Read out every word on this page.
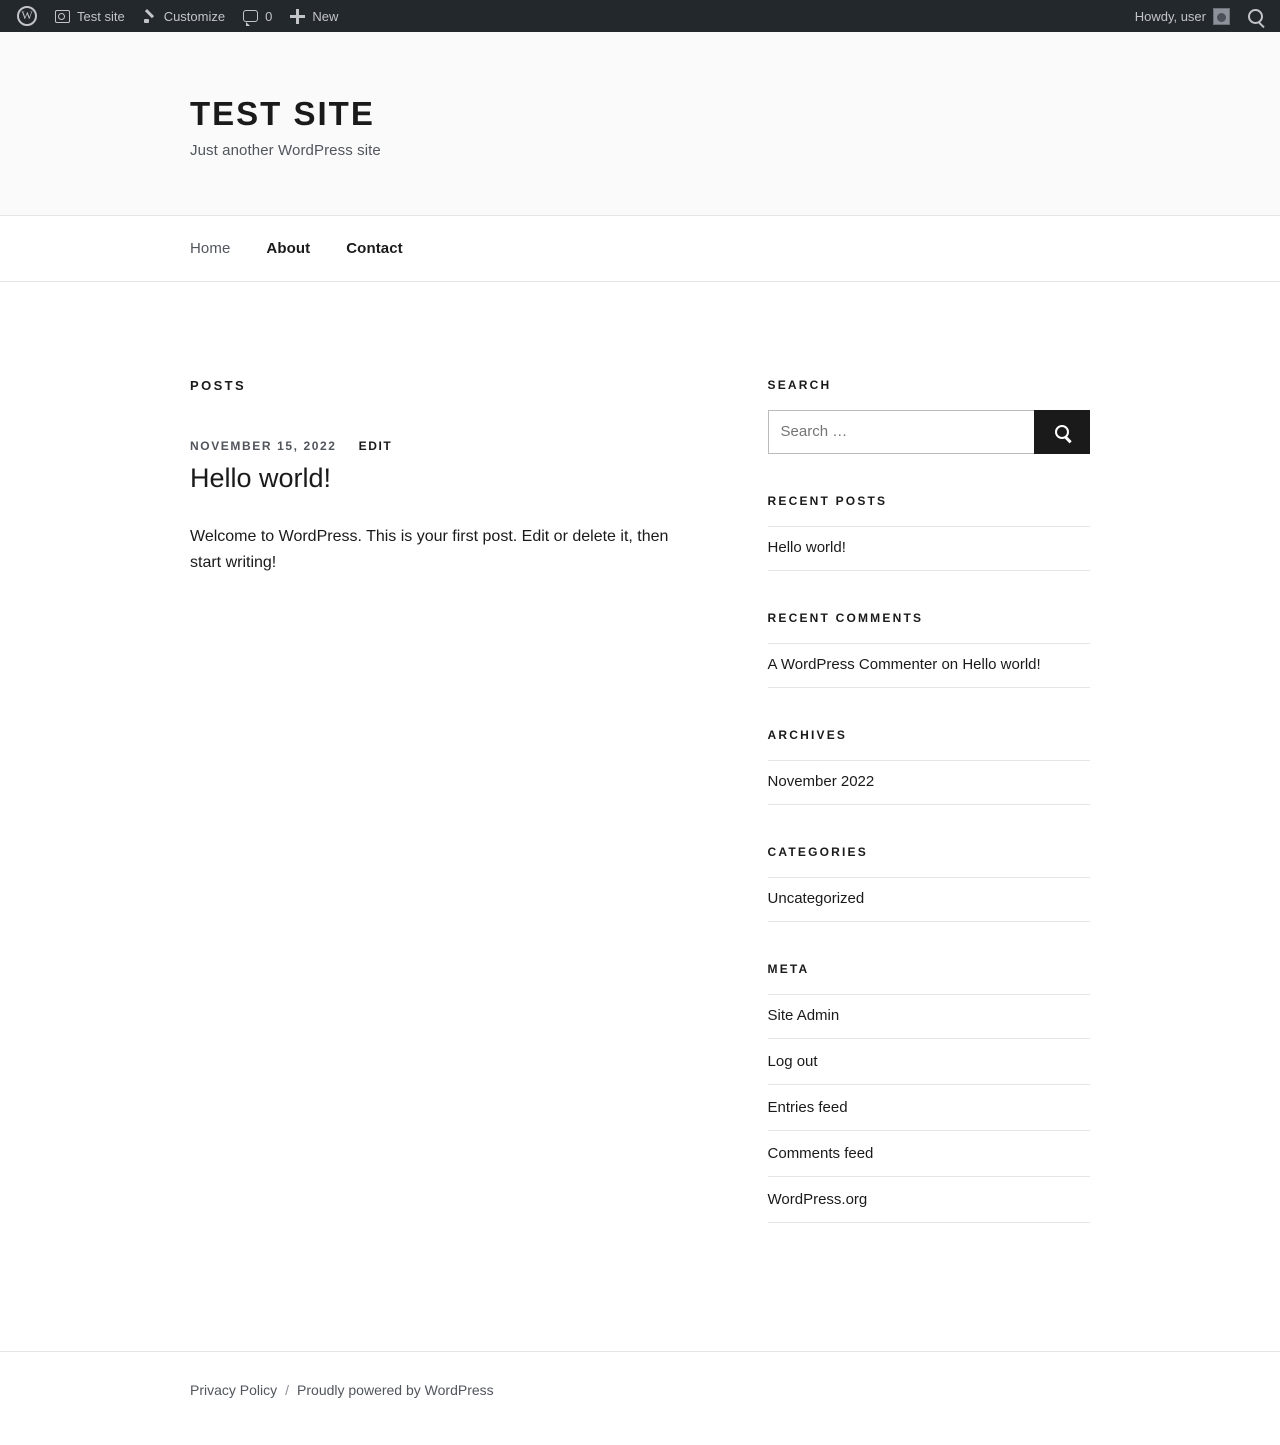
W
Test site	Customize	0	New	Howdy, user
TEST SITE

Just another WordPress site

Home	About	Contact
POSTS
NOVEMBER 15, 2022 EDIT
Hello world!
Welcome to WordPress. This is your first post. Edit or delete it, then start writing!
SEARCH
Search …
RECENT POSTS
Hello world!
RECENT COMMENTS
A WordPress Commenter on Hello world!
ARCHIVES
November 2022
CATEGORIES
Uncategorized
META
Site Admin
Log out
Entries feed
Comments feed
WordPress.org
Privacy Policy / Proudly powered by WordPress
